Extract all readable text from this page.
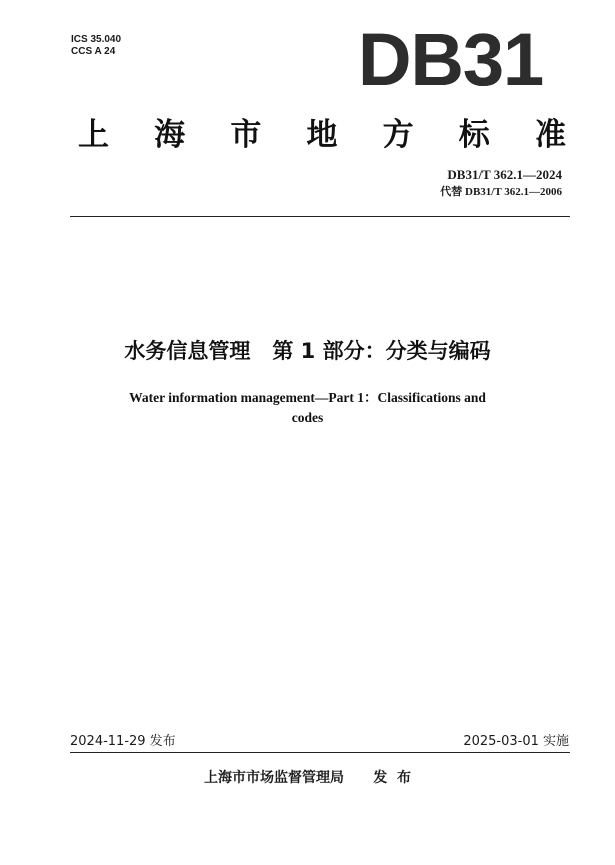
ICS 35.040
CCS A 24	DB31
上 海 市 地 方 标 准
DB31/T 362.1—2024
代替 DB31/T 362.1—2006
水务信息管理   第 1 部分：分类与编码
Water information management—Part 1：Classifications and
codes
2024-11-29 发布	2025-03-01 实施
上海市市场监督管理局      发  布
